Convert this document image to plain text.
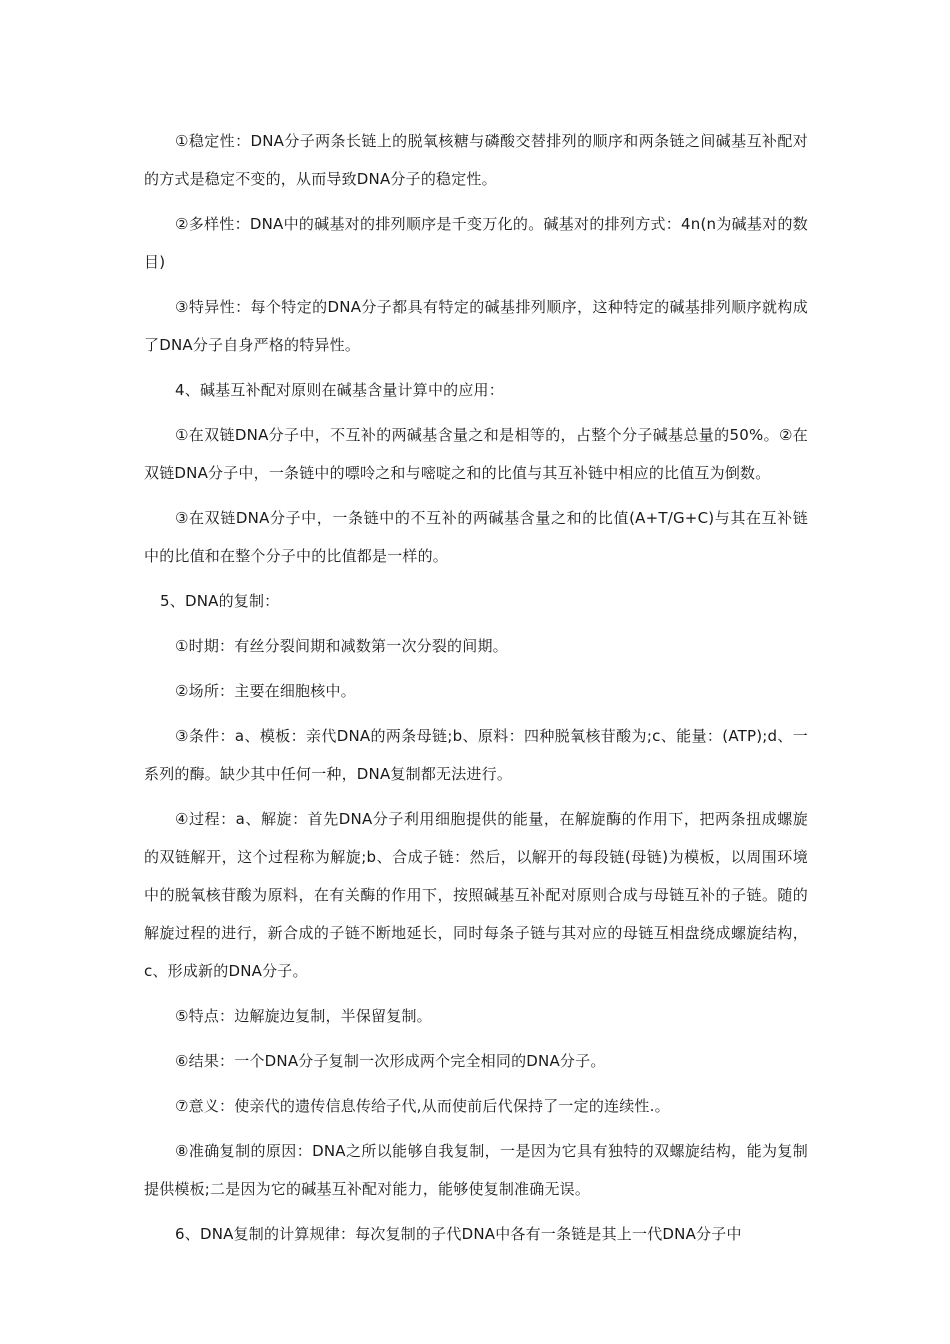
①稳定性：DNA分子两条长链上的脱氧核糖与磷酸交替排列的顺序和两条链之间碱基互补配对的方式是稳定不变的，从而导致DNA分子的稳定性。

②多样性：DNA中的碱基对的排列顺序是千变万化的。碱基对的排列方式：4n(n为碱基对的数目)

③特异性：每个特定的DNA分子都具有特定的碱基排列顺序，这种特定的碱基排列顺序就构成了DNA分子自身严格的特异性。

4、碱基互补配对原则在碱基含量计算中的应用：

①在双链DNA分子中，不互补的两碱基含量之和是相等的，占整个分子碱基总量的50%。②在双链DNA分子中，一条链中的嘌呤之和与嘧啶之和的比值与其互补链中相应的比值互为倒数。

③在双链DNA分子中，一条链中的不互补的两碱基含量之和的比值(A+T/G+C)与其在互补链中的比值和在整个分子中的比值都是一样的。

5、DNA的复制：

①时期：有丝分裂间期和减数第一次分裂的间期。

②场所：主要在细胞核中。

③条件：a、模板：亲代DNA的两条母链;b、原料：四种脱氧核苷酸为;c、能量：(ATP);d、一系列的酶。缺少其中任何一种，DNA复制都无法进行。

④过程：a、解旋：首先DNA分子利用细胞提供的能量，在解旋酶的作用下，把两条扭成螺旋的双链解开，这个过程称为解旋;b、合成子链：然后，以解开的每段链(母链)为模板，以周围环境中的脱氧核苷酸为原料，在有关酶的作用下，按照碱基互补配对原则合成与母链互补的子链。随的解旋过程的进行，新合成的子链不断地延长，同时每条子链与其对应的母链互相盘绕成螺旋结构，c、形成新的DNA分子。

⑤特点：边解旋边复制，半保留复制。

⑥结果：一个DNA分子复制一次形成两个完全相同的DNA分子。

⑦意义：使亲代的遗传信息传给子代,从而使前后代保持了一定的连续性.。

⑧准确复制的原因：DNA之所以能够自我复制，一是因为它具有独特的双螺旋结构，能为复制提供模板;二是因为它的碱基互补配对能力，能够使复制准确无误。

6、DNA复制的计算规律：每次复制的子代DNA中各有一条链是其上一代DNA分子中
